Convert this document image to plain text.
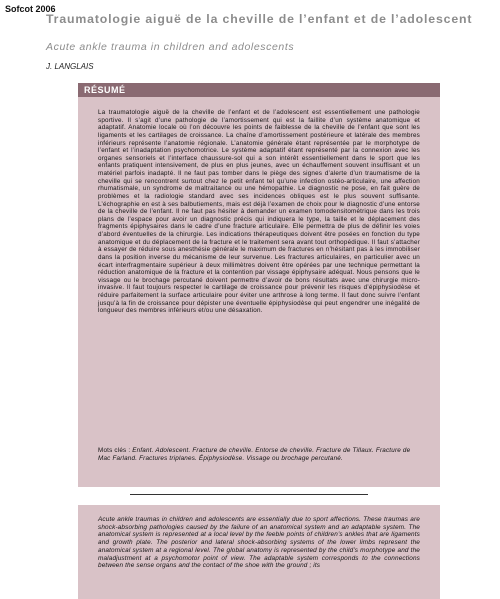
Sofcot 2006
Traumatologie aiguë de la cheville de l’enfant et de l’adolescent
Acute ankle trauma in children and adolescents
J. LANGLAIS
RÉSUMÉ
La traumatologie aiguë de la cheville de l’enfant et de l’adolescent est essentiellement une pathologie sportive. Il s’agit d’une pathologie de l’amortissement qui est la faillite d’un système anatomique et adaptatif. Anatomie locale où l’on découvre les points de faiblesse de la cheville de l’enfant que sont les ligaments et les cartilages de croissance. La chaîne d’amortissement postérieure et latérale des membres inférieurs représente l’anatomie régionale. L’anatomie générale étant représentée par le morphotype de l’enfant et l’inadaptation psychomotrice. Le système adaptatif étant représenté par la connexion avec les organes sensoriels et l’interface chaussure-sol qui a son intérêt essentiellement dans le sport que les enfants pratiquent intensivement, de plus en plus jeunes, avec un échauffement souvent insuffisant et un matériel parfois inadapté. Il ne faut pas tomber dans le piège des signes d’alerte d’un traumatisme de la cheville qui se rencontrent surtout chez le petit enfant tel qu’une infection ostéo-articulaire, une affection rhumatismale, un syndrome de maltraitance ou une hémopathie. Le diagnostic ne pose, en fait guère de problèmes et la radiologie standard avec ses incidences obliques est le plus souvent suffisante. L’échographie en est à ses balbutiements, mais est déjà l’examen de choix pour le diagnostic d’une entorse de la cheville de l’enfant. Il ne faut pas hésiter à demander un examen tomodensitométrique dans les trois plans de l’espace pour avoir un diagnostic précis qui indiquera le type, la taille et le déplacement des fragments épiphysaires dans le cadre d’une fracture articulaire. Elle permettra de plus de définir les voies d’abord éventuelles de la chirurgie. Les indications thérapeutiques doivent être posées en fonction du type anatomique et du déplacement de la fracture et le traitement sera avant tout orthopédique. Il faut s’attacher à essayer de réduire sous anesthésie générale le maximum de fractures en n’hésitant pas à les immobiliser dans la position inverse du mécanisme de leur survenue. Les fractures articulaires, en particulier avec un écart interfragmentaire supérieur à deux millimètres doivent être opérées par une technique permettant la réduction anatomique de la fracture et la contention par vissage épiphysaire adéquat. Nous pensons que le vissage ou le brochage percutané doivent permettre d’avoir de bons résultats avec une chirurgie micro-invasive. Il faut toujours respecter le cartilage de croissance pour prévenir les risques d’épiphysiodèse et réduire parfaitement la surface articulaire pour éviter une arthrose à long terme. Il faut donc suivre l’enfant jusqu’à la fin de croissance pour dépister une éventuelle épiphysiodèse qui peut engendrer une inégalité de longueur des membres inférieurs et/ou une désaxation.
Mots clés : Enfant. Adolescent. Fracture de cheville. Entorse de cheville. Fracture de Tillaux. Fracture de Mac Farland. Fractures triplanes. Épiphysiodèse. Vissage ou brochage percutané.
Acute ankle traumas in children and adolescents are essentially due to sport affections. These traumas are shock-absorbing pathologies caused by the failure of an anatomical system and an adaptable system. The anatomical system is represented at a local level by the feeble points of children’s ankles that are ligaments and growth plate. The posterior and lateral shock-absorbing systems of the lower limbs represent the anatomical system at a regional level. The global anatomy is represented by the child’s morphotype and the maladjustment at a psychomotor point of view. The adaptable system corresponds to the connections between the sense organs and the contact of the shoe with the ground ; its
